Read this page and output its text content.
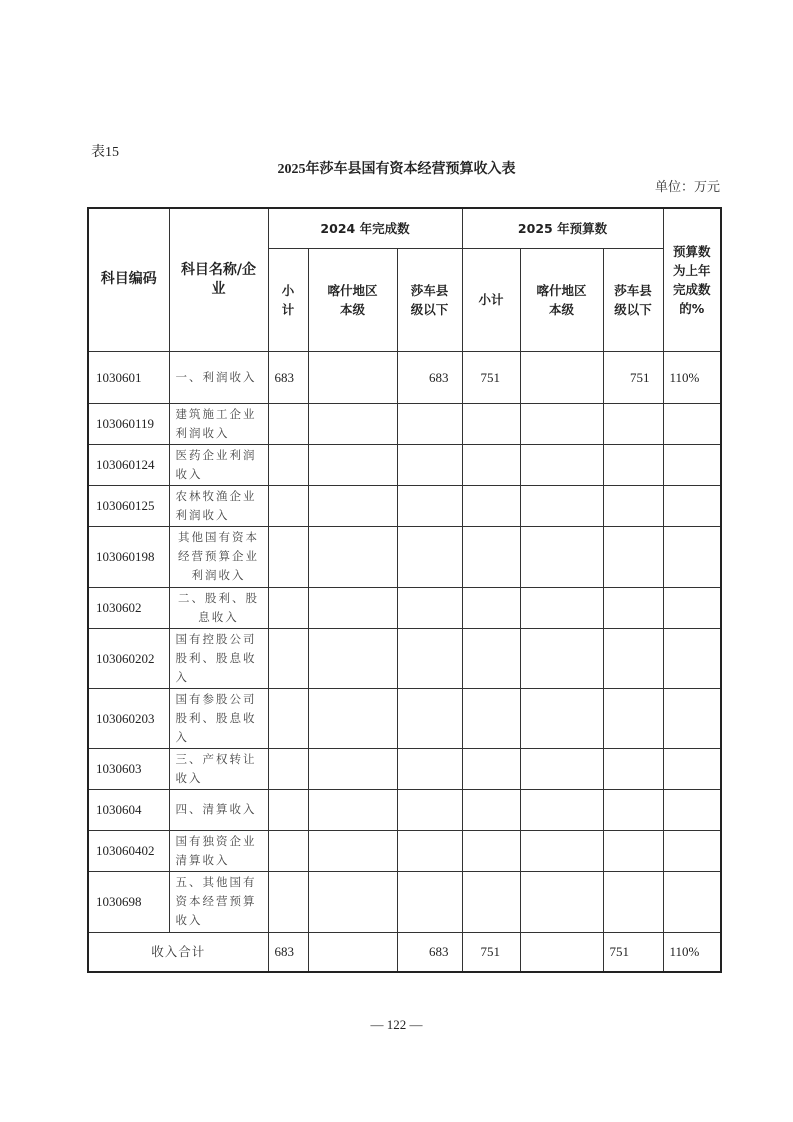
表15
2025年莎车县国有资本经营预算收入表
单位：万元
科目编码	科目名称/企业	2024 年完成数			2025 年预算数			预算数为上年完成数的%
		小计	喀什地区本级	莎车县级以下	小计	喀什地区本级	莎车县级以下	
1030601	一、利润收入	683		683	751		751	110%
103060119	建筑施工企业利润收入							
103060124	医药企业利润收入							
103060125	农林牧渔企业利润收入							
103060198	其他国有资本经营预算企业利润收入							
1030602	二、股利、股息收入							
103060202	国有控股公司股利、股息收入							
103060203	国有参股公司股利、股息收入							
1030603	三、产权转让收入							
1030604	四、清算收入							
103060402	国有独资企业清算收入							
1030698	五、其他国有资本经营预算收入							
收入合计		683		683	751		751	110%
— 122 —
